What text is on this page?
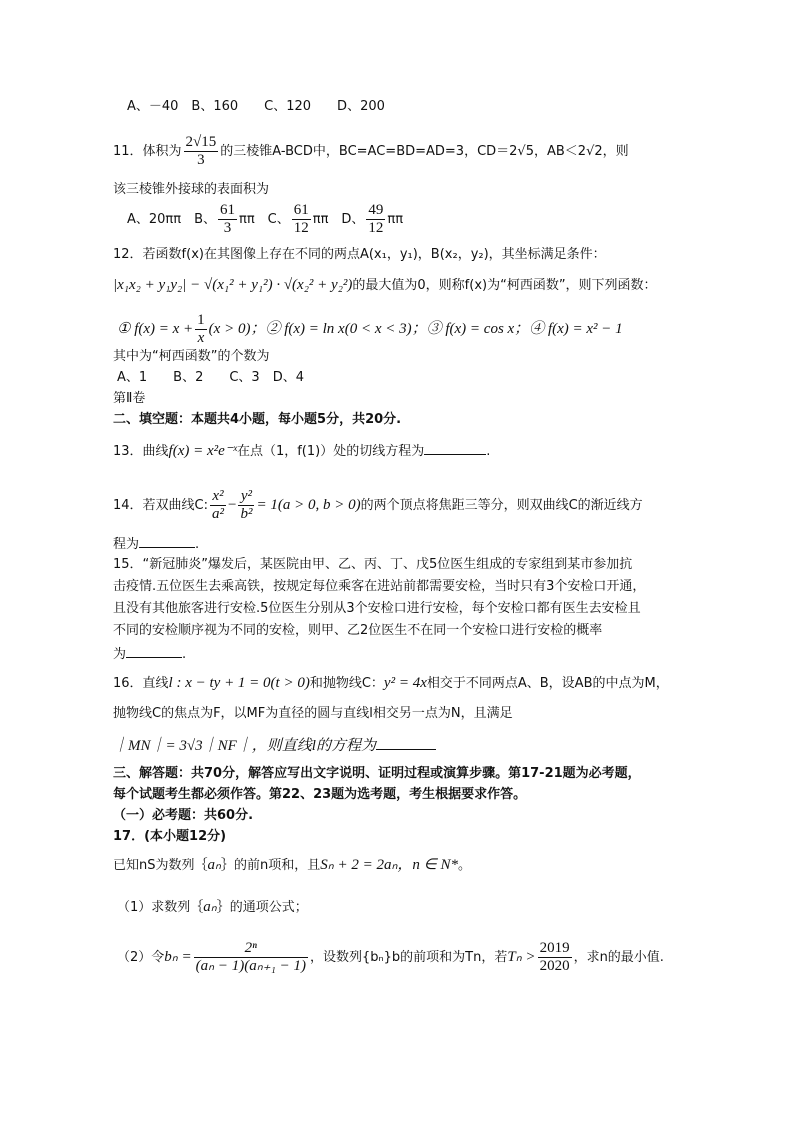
A、－40　B、160　　C、120　　D、200
11．体积为 $\frac{2√15}{3}$ 的三棱锥A-BCD中，BC=AC=BD=AD=3，CD＝2√5，AB＜2√2，则
该三棱锥外接球的表面积为
A、20ππ　B、 $\frac{61}{3}$ ππ　C、 $\frac{61}{12}$ ππ　D、 $\frac{49}{12}$ ππ
12．若函数f(x)在其图像上存在不同的两点A(x₁，y₁)，B(x₂，y₂)，其坐标满足条件：
|x₁x₂ + y₁y₂| − √(x₁² + y₁²) · √(x₂² + y₂²)的最大值为0，则称f(x)为“柯西函数”，则下列函数：
① $f(x) = x + \frac{1}{x} (x > 0)$；② f(x) = ln x(0 < x < 3)；③ f(x) = cos x；④ f(x) = x² − 1
其中为“柯西函数”的个数为
A、1　　B、2　　C、3　D、4
第Ⅱ卷
二、填空题：本题共4小题，每小题5分，共20分.
13．曲线f(x) = x²e⁻ˣ在点（1，f(1)）处的切线方程为	.
14．若双曲线C: $\frac{\text{x²}}{\text{a²}} - \frac{\text{y²}}{\text{b²}} = 1(a > 0$, b > 0)的两个顶点将焦距三等分，则双曲线C的渐近线方
程为	.
15．“新冠肺炎”爆发后，某医院由甲、乙、丙、丁、戊5位医生组成的专家组到某市参加抗
击疫情.五位医生去乘高铁，按规定每位乘客在进站前都需要安检，当时只有3个安检口开通，
且没有其他旅客进行安检.5位医生分别从3个安检口进行安检，每个安检口都有医生去安检且
不同的安检顺序视为不同的安检，则甲、乙2位医生不在同一个安检口进行安检的概率
为	.
16．直线l : x − ty + 1 = 0(t > 0)和抛物线C：y² = 4x相交于不同两点A、B，设AB的中点为M，
抛物线C的焦点为F，以MF为直径的圆与直线l相交另一点为N，且满足
｜MN｜= 3√3｜NF｜，则直线l的方程为
三、解答题：共70分，解答应写出文字说明、证明过程或演算步骤。第17-21题为必考题，
每个试题考生都必须作答。第22、23题为选考题，考生根据要求作答。
（一）必考题：共60分.
17．(本小题12分)
已知nS为数列｛aₙ｝的前n项和，且Sₙ + 2 = 2aₙ，n ∈ N*。
（1）求数列｛aₙ｝的通项公式；
（2）令$b_n = \frac{\text{2ⁿ}}{\text{(aₙ − 1)(aₙ₊₁ − 1)}}$ ，设数列{bₙ}b的前项和为Tn，若$T_n > \frac{2019}{2020}$ ，求n的最小值.
